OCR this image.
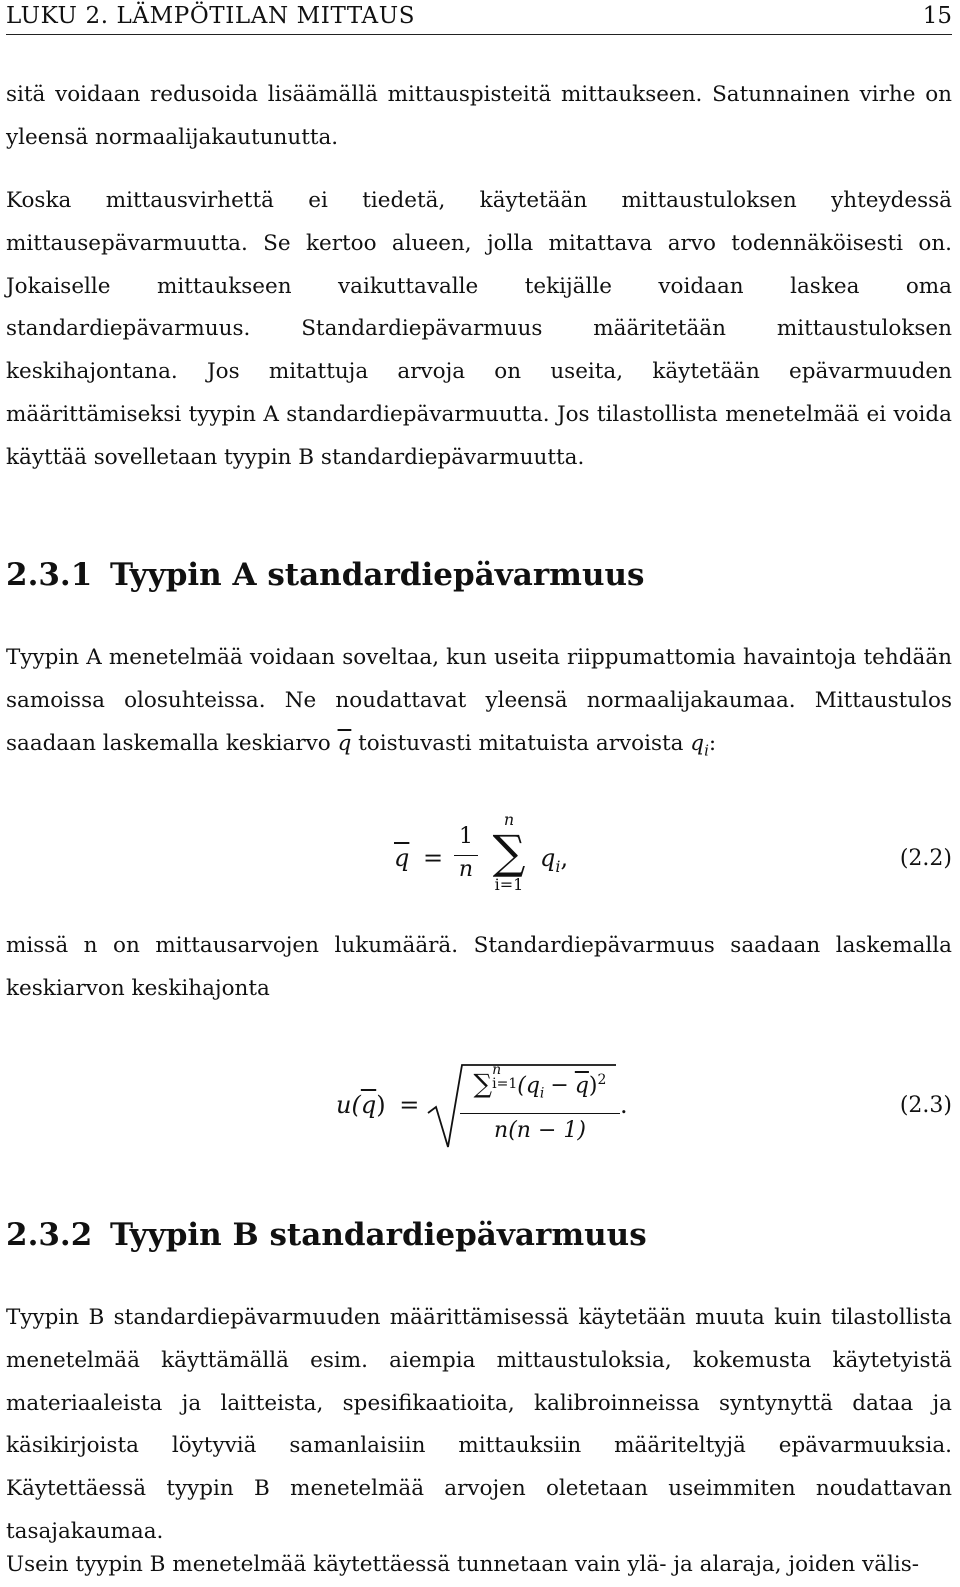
LUKU 2. LÄMPÖTILAN MITTAUS	15

sitä voidaan redusoida lisäämällä mittauspisteitä mittaukseen. Satunnainen virhe on yleensä normaalijakautunutta.

Koska mittausvirhettä ei tiedetä, käytetään mittaustuloksen yhteydessä mittausepävarmuutta. Se kertoo alueen, jolla mitattava arvo todennäköisesti on. Jokaiselle mittaukseen vaikuttavalle tekijälle voidaan laskea oma standardiepävarmuus. Standardiepävarmuus määritetään mittaustuloksen keskihajontana. Jos mitattuja arvoja on useita, käytetään epävarmuuden määrittämiseksi tyypin A standardiepävarmuutta. Jos tilastollista menetelmää ei voida käyttää sovelletaan tyypin B standardiepävarmuutta.

2.3.1 Tyypin A standardiepävarmuus

Tyypin A menetelmää voidaan soveltaa, kun useita riippumattomia havaintoja tehdään samoissa olosuhteissa. Ne noudattavat yleensä normaalijakaumaa. Mittaustulos saadaan laskemalla keskiarvo $\overline{q}$ toistuvasti mitatuista arvoista $q_i$:

$\overline{q} = \frac{1}{n}$
n
∑
i=1
$q_i$,	(2.2)

missä n on mittausarvojen lukumäärä. Standardiepävarmuus saadaan laskemalla keskiarvon keskihajonta

$u(\overline{q})$ = ∑ n
i=1 $(q_i - \overline{q})^2$
n(n − 1) .	(2.3)
2.3.2 Tyypin B standardiepävarmuus

Tyypin B standardiepävarmuuden määrittämisessä käytetään muuta kuin tilastollista menetelmää käyttämällä esim. aiempia mittaustuloksia, kokemusta käytetyistä materiaaleista ja laitteista, spesifikaatioita, kalibroinneissa syntynyttä dataa ja käsikirjoista löytyviä samanlaisiin mittauksiin määriteltyjä epävarmuuksia. Käytettäessä tyypin B menetelmää arvojen oletetaan useimmiten noudattavan tasajakaumaa.

Usein tyypin B menetelmää käytettäessä tunnetaan vain ylä- ja alaraja, joiden välis-
